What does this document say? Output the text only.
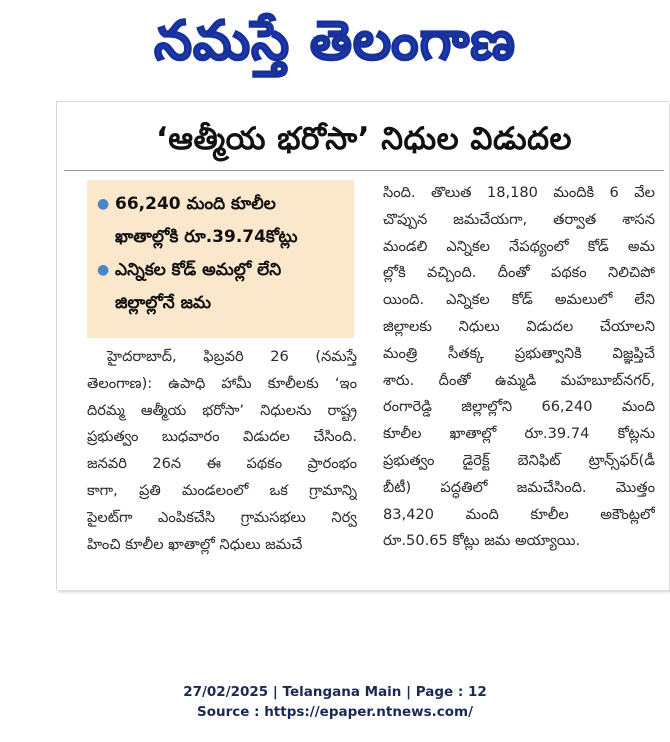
నమస్తే తెలంగాణ
‘ఆత్మీయ భరోసా’ నిధుల విడుదల
● 66,240 మంది కూలీల
ఖాతాల్లోకి రూ.39.74కోట్లు
● ఎన్నికల కోడ్ అమల్లో లేని
జిల్లాల్లోనే జమ
హైదరాబాద్, ఫిబ్రవరి 26 (నమస్తే
తెలంగాణ): ఉపాధి హామీ కూలీలకు ‘ఇం
దిరమ్మ ఆత్మీయ భరోసా’ నిధులను రాష్ట్ర
ప్రభుత్వం బుధవారం విడుదల చేసింది.
జనవరి 26న ఈ పథకం ప్రారంభం
కాగా, ప్రతి మండలంలో ఒక గ్రామాన్ని
పైలట్‌గా ఎంపికచేసి గ్రామసభలు నిర్వ
హించి కూలీల ఖాతాల్లో నిధులు జమచే
సింది. తొలుత 18,180 మందికి 6 వేల
చొప్పున జమచేయగా, తర్వాత శాసన
మండలి ఎన్నికల నేపథ్యంలో కోడ్ అమ
ల్లోకి వచ్చింది. దీంతో పథకం నిలిచిపో
యింది. ఎన్నికల కోడ్ అమలులో లేని
జిల్లాలకు నిధులు విడుదల చేయాలని
మంత్రి సీతక్క ప్రభుత్వానికి విజ్ఞప్తిచే
శారు. దీంతో ఉమ్మడి మహబూబ్‌నగర్,
రంగారెడ్డి జిల్లాల్లోని 66,240 మంది
కూలీల ఖాతాల్లో రూ.39.74 కోట్లను
ప్రభుత్వం డైరెక్ట్ బెనిఫిట్ ట్రాన్స్‌ఫర్(డీ
బీటీ) పద్ధతిలో జమచేసింది. మొత్తం
83,420 మంది కూలీల అకౌంట్లలో
రూ.50.65 కోట్లు జమ అయ్యాయి.
27/02/2025 | Telangana Main | Page : 12
Source : https://epaper.ntnews.com/
